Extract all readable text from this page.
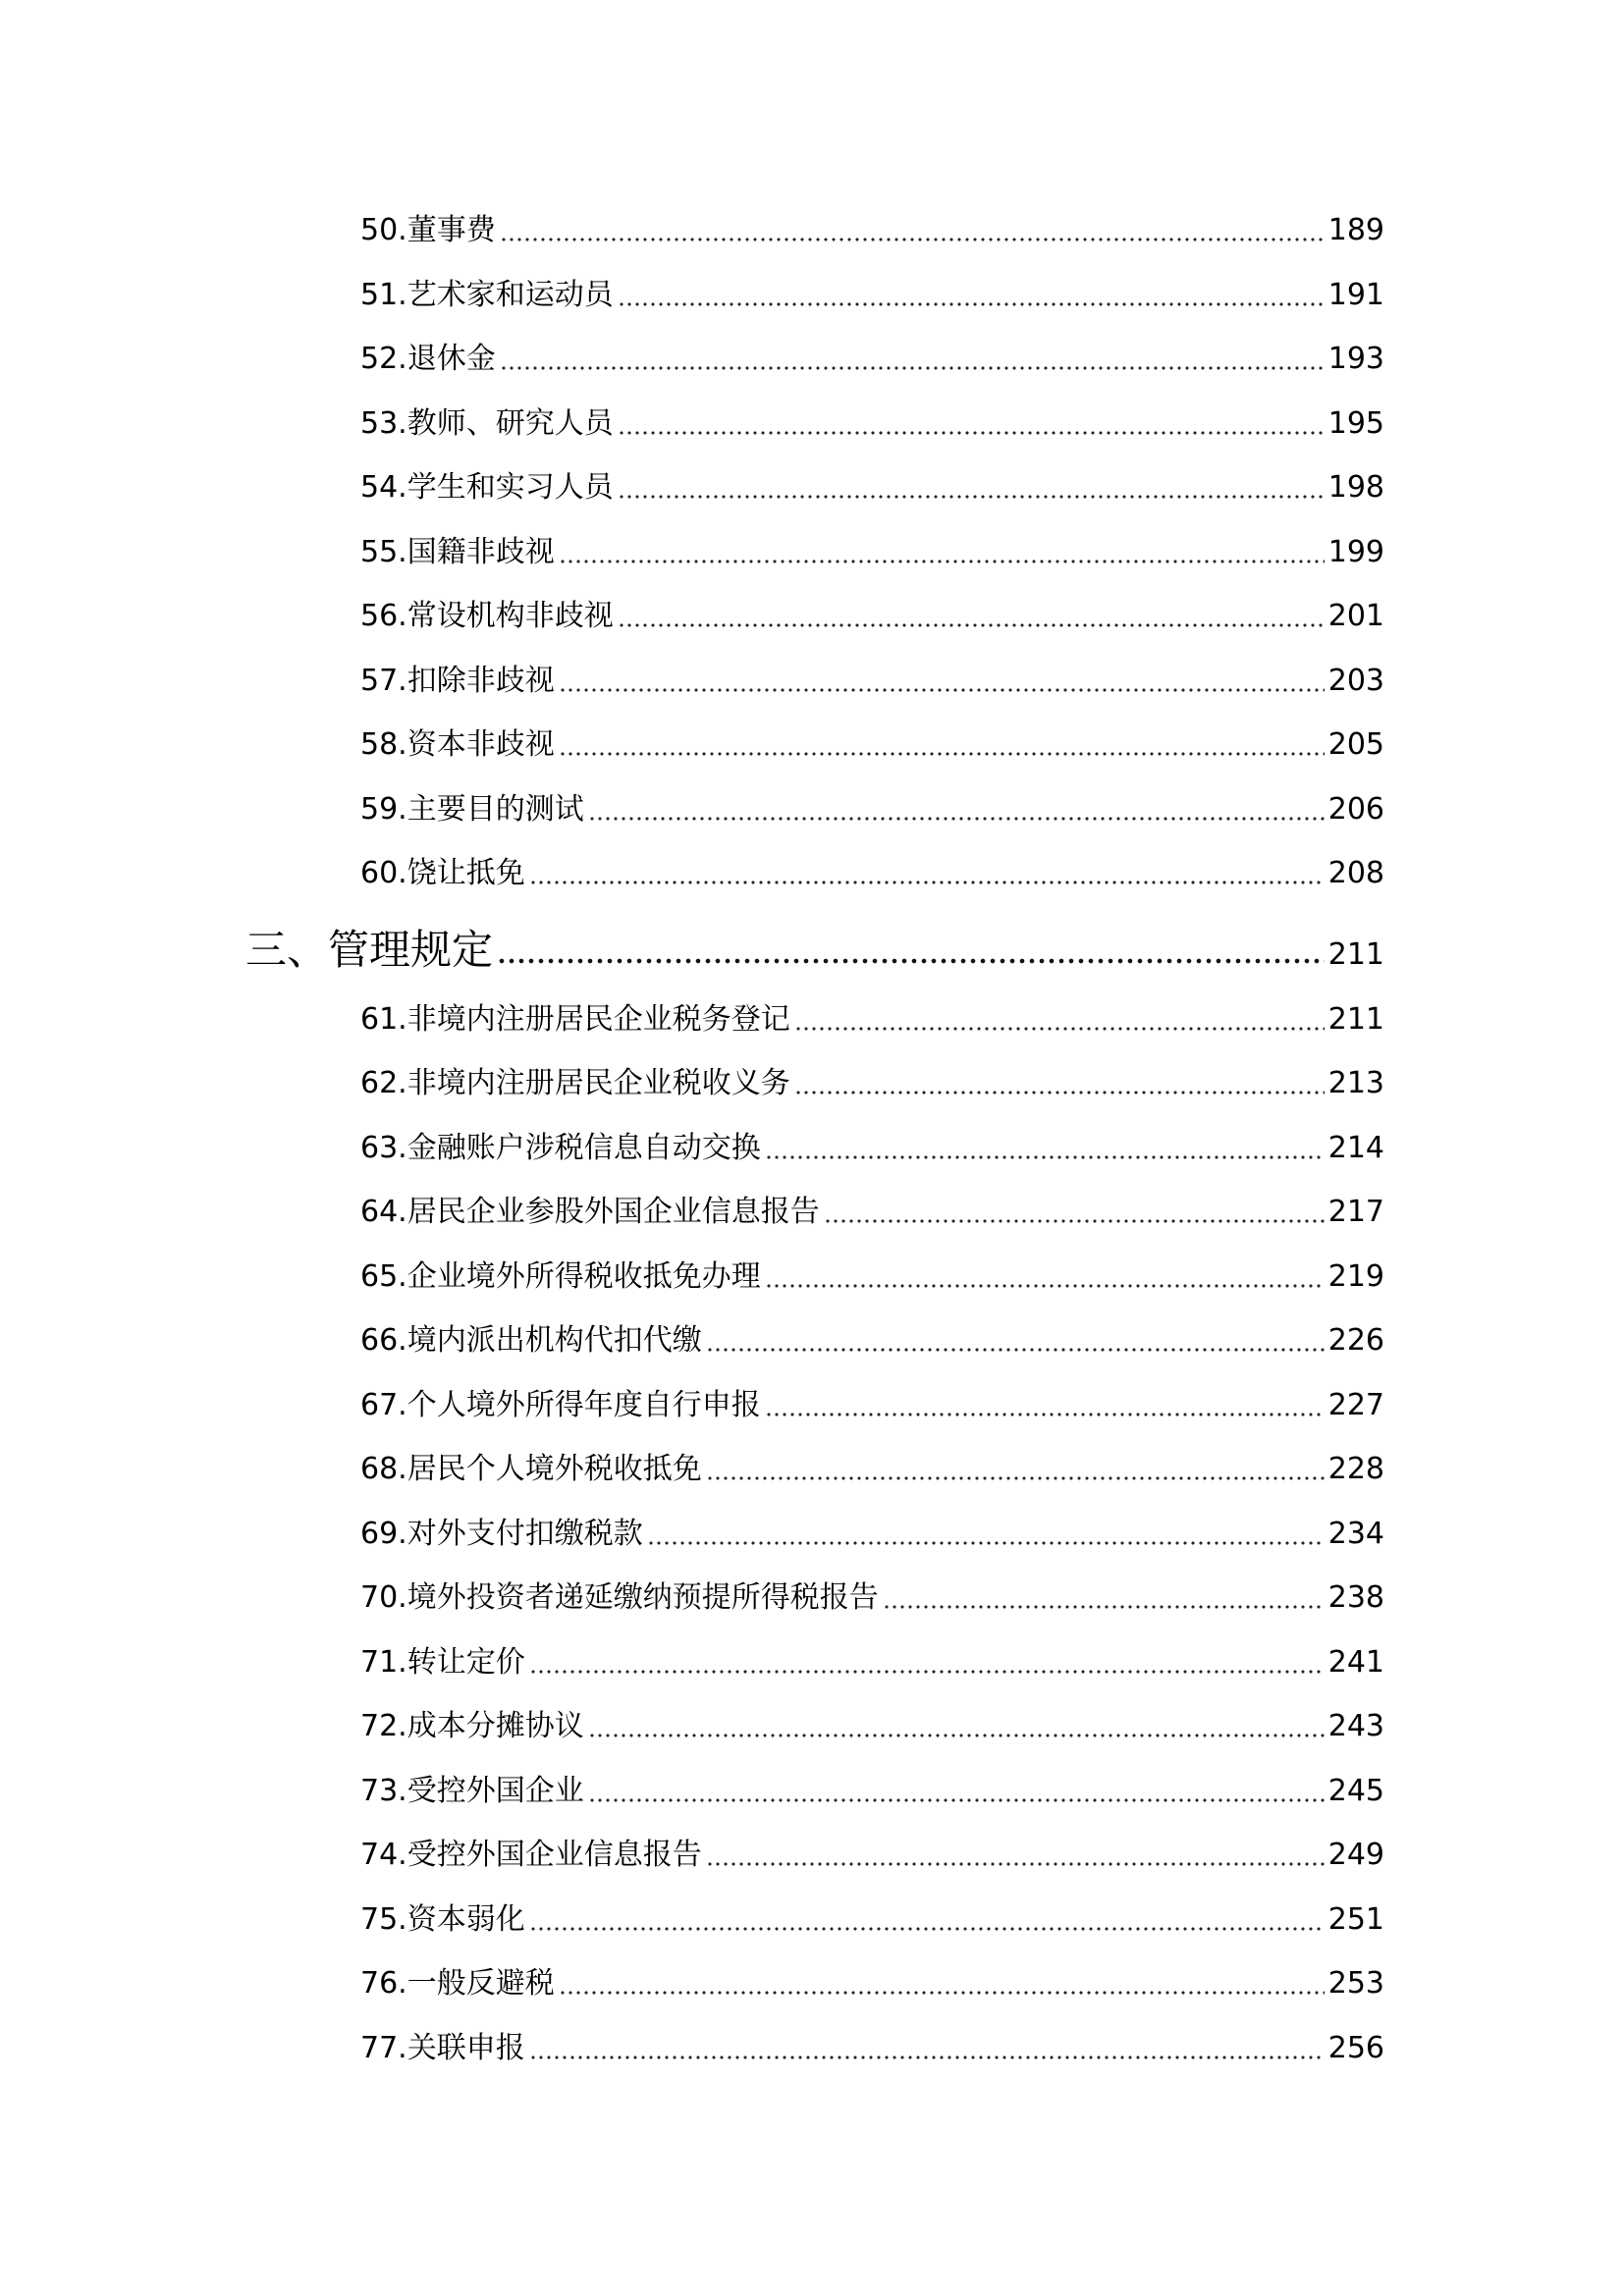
50. 董事费	189
51. 艺术家和运动员	191
52. 退休金	193
53. 教师、研究人员	195
54. 学生和实习人员	198
55. 国籍非歧视	199
56. 常设机构非歧视	201
57. 扣除非歧视	203
58. 资本非歧视	205
59. 主要目的测试	206
60. 饶让抵免	208
三、管理规定	211
61. 非境内注册居民企业税务登记	211
62. 非境内注册居民企业税收义务	213
63. 金融账户涉税信息自动交换	214
64. 居民企业参股外国企业信息报告	217
65. 企业境外所得税收抵免办理	219
66. 境内派出机构代扣代缴	226
67. 个人境外所得年度自行申报	227
68. 居民个人境外税收抵免	228
69. 对外支付扣缴税款	234
70. 境外投资者递延缴纳预提所得税报告	238
71. 转让定价	241
72. 成本分摊协议	243
73. 受控外国企业	245
74. 受控外国企业信息报告	249
75. 资本弱化	251
76. 一般反避税	253
77. 关联申报	256
